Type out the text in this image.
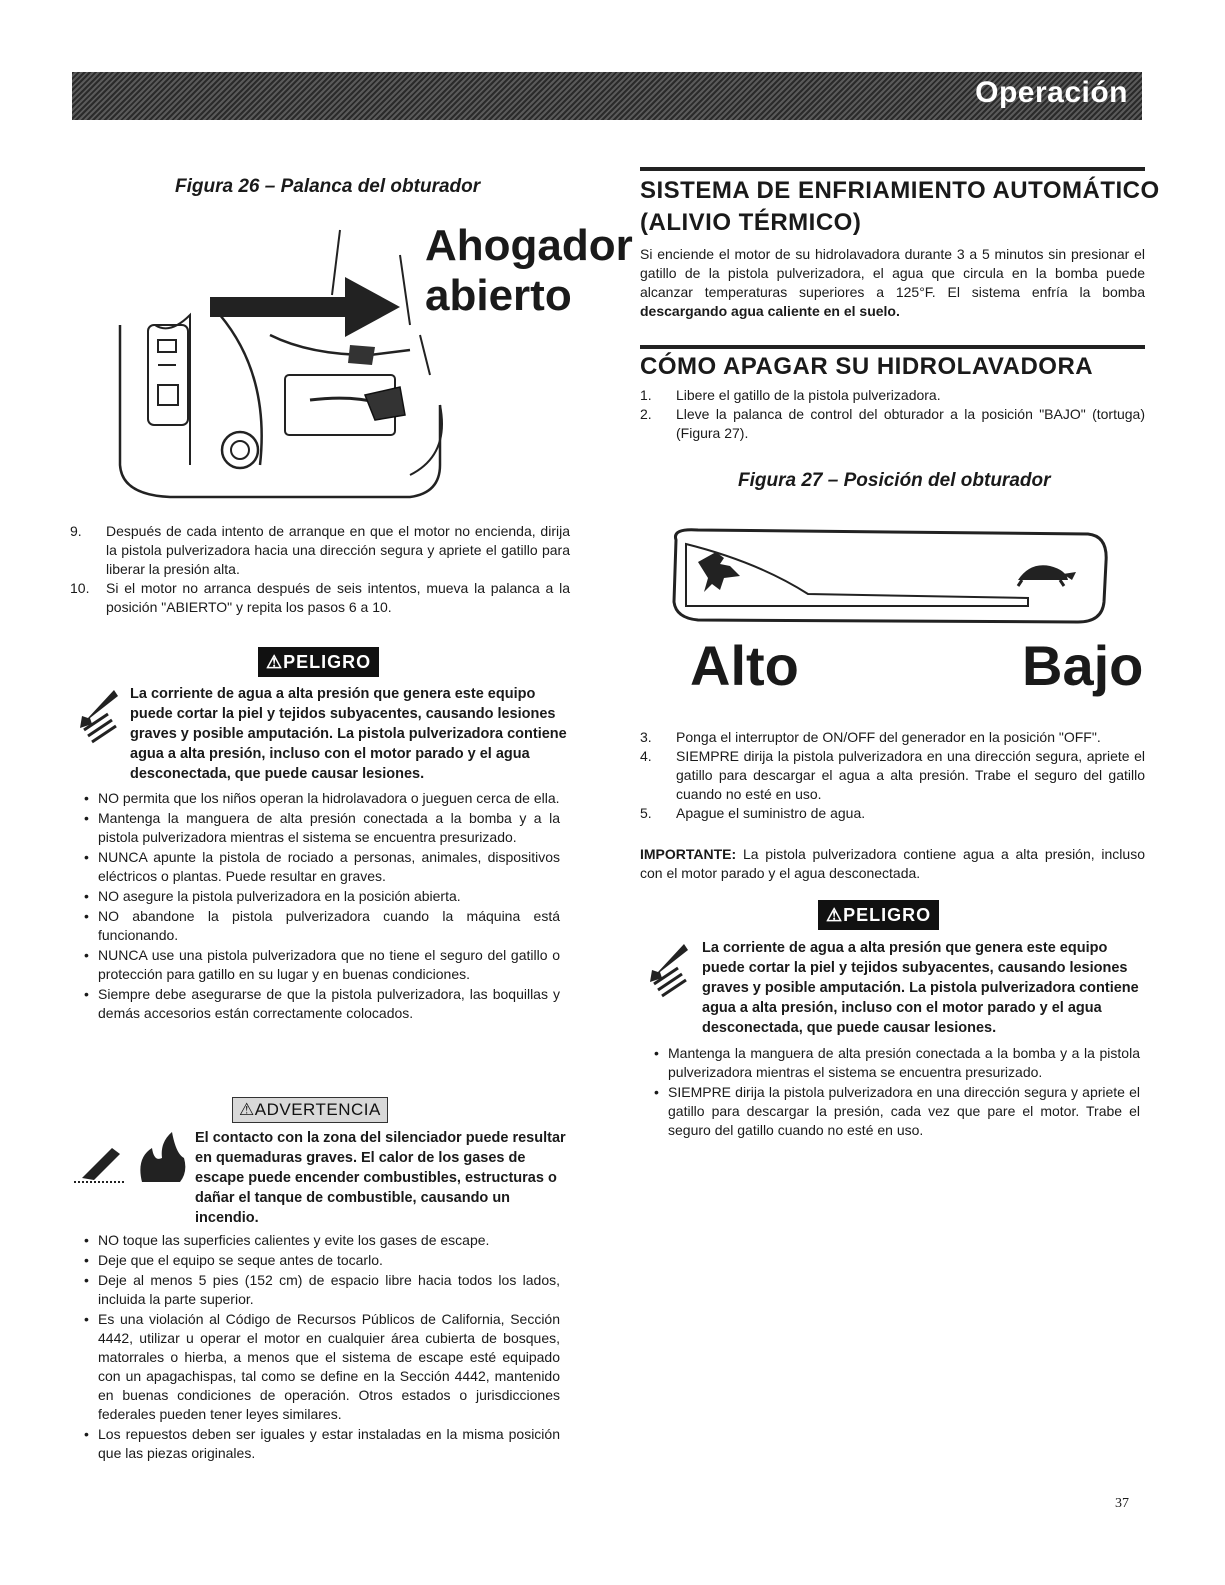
Operación
Figura 26 – Palanca del obturador
Ahogador
abierto
9.	Después de cada intento de arranque en que el motor no encienda, dirija la pistola pulverizadora hacia una dirección segura y apriete el gatillo para liberar la presión alta.
10.	Si el motor no arranca después de seis intentos, mueva la palanca a la posición "ABIERTO" y repita los pasos 6 a 10.
⚠PELIGRO
La corriente de agua a alta presión que genera este equipo puede cortar la piel y tejidos subyacentes, causando lesiones graves y posible amputación. La pistola pulverizadora contiene agua a alta presión, incluso con el motor parado y el agua desconectada, que puede causar lesiones.
• NO permita que los niños operan la hidrolavadora o jueguen cerca de ella.
• Mantenga la manguera de alta presión conectada a la bomba y a la pistola pulverizadora mientras el sistema se encuentra presurizado.
• NUNCA apunte la pistola de rociado a personas, animales, dispositivos eléctricos o plantas. Puede resultar en graves.
• NO asegure la pistola pulverizadora en la posición abierta.
• NO abandone la pistola pulverizadora cuando la máquina está funcionando.
• NUNCA use una pistola pulverizadora que no tiene el seguro del gatillo o protección para gatillo en su lugar y en buenas condiciones.
• Siempre debe asegurarse de que la pistola pulverizadora, las boquillas y demás accesorios están correctamente colocados.
⚠ADVERTENCIA
El contacto con la zona del silenciador puede resultar en quemaduras graves. El calor de los gases de escape puede encender combustibles, estructuras o dañar el tanque de combustible, causando un incendio.
• NO toque las superficies calientes y evite los gases de escape.
• Deje que el equipo se seque antes de tocarlo.
• Deje al menos 5 pies (152 cm) de espacio libre hacia todos los lados, incluida la parte superior.
• Es una violación al Código de Recursos Públicos de California, Sección 4442, utilizar u operar el motor en cualquier área cubierta de bosques, matorrales o hierba, a menos que el sistema de escape esté equipado con un apagachispas, tal como se define en la Sección 4442, mantenido en buenas condiciones de operación. Otros estados o jurisdicciones federales pueden tener leyes similares.
• Los repuestos deben ser iguales y estar instaladas en la misma posición que las piezas originales.
SISTEMA DE ENFRIAMIENTO AUTOMÁTICO
(ALIVIO TÉRMICO)
Si enciende el motor de su hidrolavadora durante 3 a 5 minutos sin presionar el gatillo de la pistola pulverizadora, el agua que circula en la bomba puede alcanzar temperaturas superiores a 125°F. El sistema enfría la bomba descargando agua caliente en el suelo.
CÓMO APAGAR SU HIDROLAVADORA
1.	Libere el gatillo de la pistola pulverizadora.
2.	Lleve la palanca de control del obturador a la posición "BAJO" (tortuga) (Figura 27).
Figura 27 – Posición del obturador
Alto	Bajo
3.	Ponga el interruptor de ON/OFF del generador en la posición "OFF".
4.	SIEMPRE dirija la pistola pulverizadora en una dirección segura, apriete el gatillo para descargar el agua a alta presión. Trabe el seguro del gatillo cuando no esté en uso.
5.	Apague el suministro de agua.
IMPORTANTE: La pistola pulverizadora contiene agua a alta presión, incluso con el motor parado y el agua desconectada.
⚠PELIGRO
La corriente de agua a alta presión que genera este equipo puede cortar la piel y tejidos subyacentes, causando lesiones graves y posible amputación. La pistola pulverizadora contiene agua a alta presión, incluso con el motor parado y el agua desconectada, que puede causar lesiones.
• Mantenga la manguera de alta presión conectada a la bomba y a la pistola pulverizadora mientras el sistema se encuentra presurizado.
• SIEMPRE dirija la pistola pulverizadora en una dirección segura y apriete el gatillo para descargar la presión, cada vez que pare el motor. Trabe el seguro del gatillo cuando no esté en uso.
37
